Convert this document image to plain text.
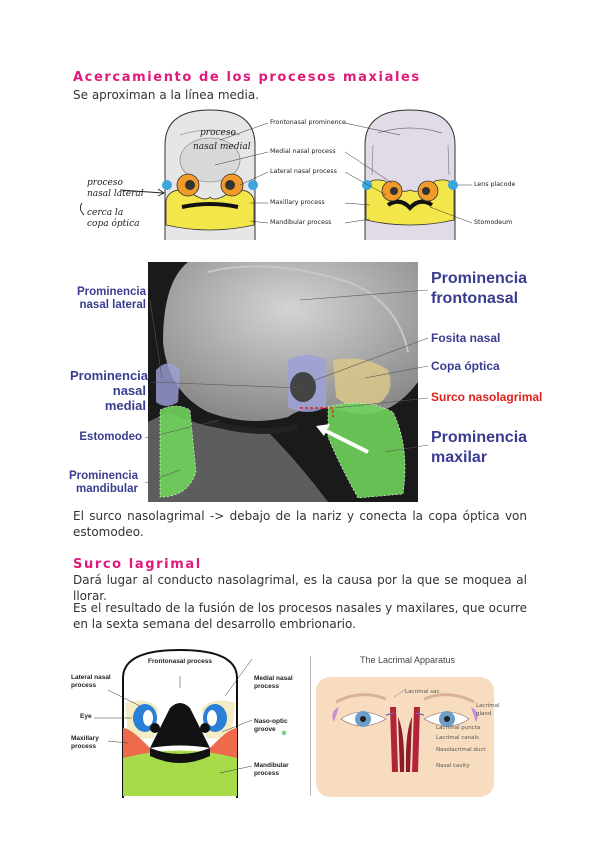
Acercamiento de los procesos maxiales
Se aproximan a la línea media.
Frontonasal prominence
Medial nasal process
Lateral nasal process
Maxillary process
Mandibular process
Lens placode
Stomodeum
proceso
nasal medial
proceso
nasal lateral
cerca la
copa óptica
Prominencia nasal lateral
Prominencia nasal medial
Estomodeo
Prominencia mandibular
Prominencia frontonasal
Fosita nasal
Copa óptica
Surco nasolagrimal
Prominencia maxilar
El surco nasolagrimal -> debajo de la nariz y conecta la copa óptica von estomodeo.
Surco lagrimal
Dará lugar al conducto nasolagrimal, es la causa por la que se moquea al llorar.
Es el resultado de la fusión de los procesos nasales y maxilares, que ocurre en la sexta semana del desarrollo embrionario.
Frontonasal process
Lateral nasal process
Eye
Maxillary process
Medial nasal process
Naso-optic groove *
Mandibular process
The Lacrimal Apparatus
Lacrimal sac
Lacrimal gland
Lacrimal puncta
Lacrimal canals
Nasolacrimal duct
Nasal cavity
